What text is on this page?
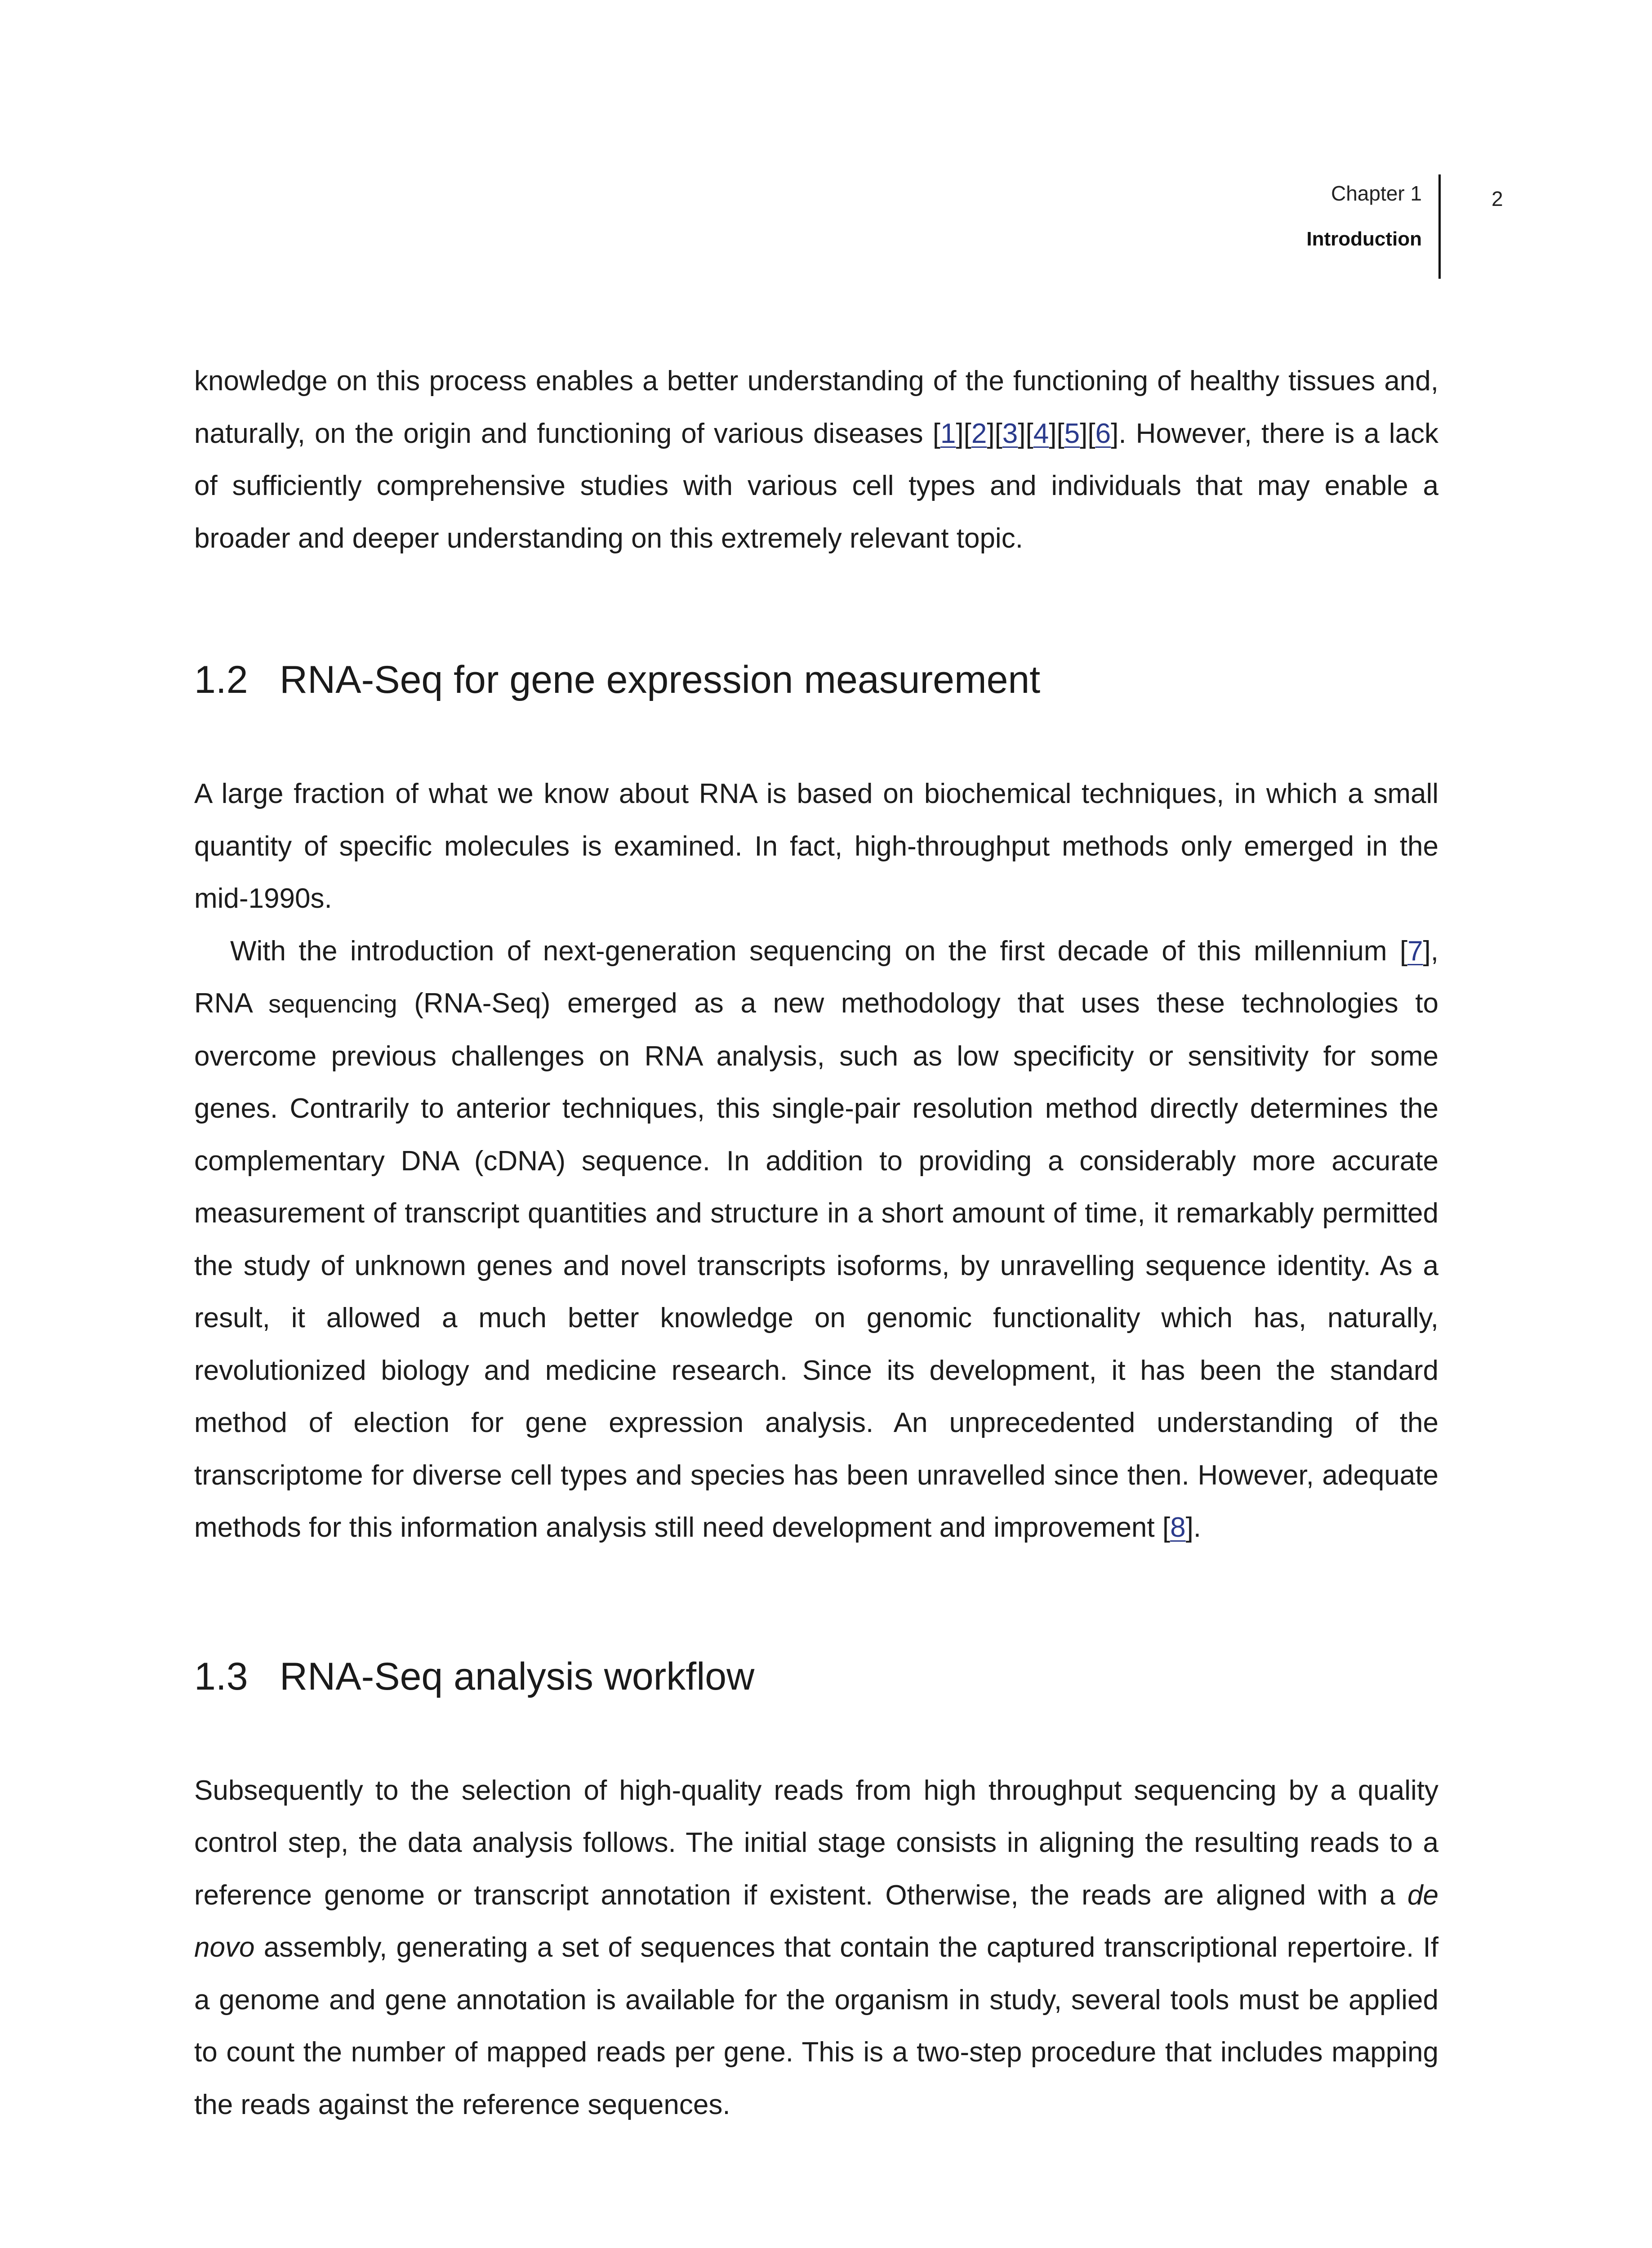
Chapter 1
Introduction
2

knowledge on this process enables a better understanding of the functioning of healthy tissues and, naturally, on the origin and functioning of various diseases [1][2][3][4][5][6]. However, there is a lack of sufficiently comprehensive studies with various cell types and individuals that may enable a broader and deeper understanding on this extremely relevant topic.

1.2 RNA-Seq for gene expression measurement

A large fraction of what we know about RNA is based on biochemical techniques, in which a small quantity of specific molecules is examined. In fact, high-throughput methods only emerged in the mid-1990s.

With the introduction of next-generation sequencing on the first decade of this millennium [7], RNA sequencing (RNA-Seq) emerged as a new methodology that uses these technologies to overcome previous challenges on RNA analysis, such as low specificity or sensitivity for some genes. Contrarily to anterior techniques, this single-pair resolution method directly determines the complementary DNA (cDNA) sequence. In addition to providing a considerably more accurate measurement of transcript quantities and structure in a short amount of time, it remarkably permitted the study of unknown genes and novel transcripts isoforms, by unravelling sequence identity. As a result, it allowed a much better knowledge on genomic functionality which has, naturally, revolutionized biology and medicine research. Since its development, it has been the standard method of election for gene expression analysis. An unprecedented understanding of the transcriptome for diverse cell types and species has been unravelled since then. However, adequate methods for this information analysis still need development and improvement [8].

1.3 RNA-Seq analysis workflow

Subsequently to the selection of high-quality reads from high throughput sequencing by a quality control step, the data analysis follows. The initial stage consists in aligning the resulting reads to a reference genome or transcript annotation if existent. Otherwise, the reads are aligned with a de novo assembly, generating a set of sequences that contain the captured transcriptional repertoire. If a genome and gene annotation is available for the organism in study, several tools must be applied to count the number of mapped reads per gene. This is a two-step procedure that includes mapping the reads against the reference sequences.
